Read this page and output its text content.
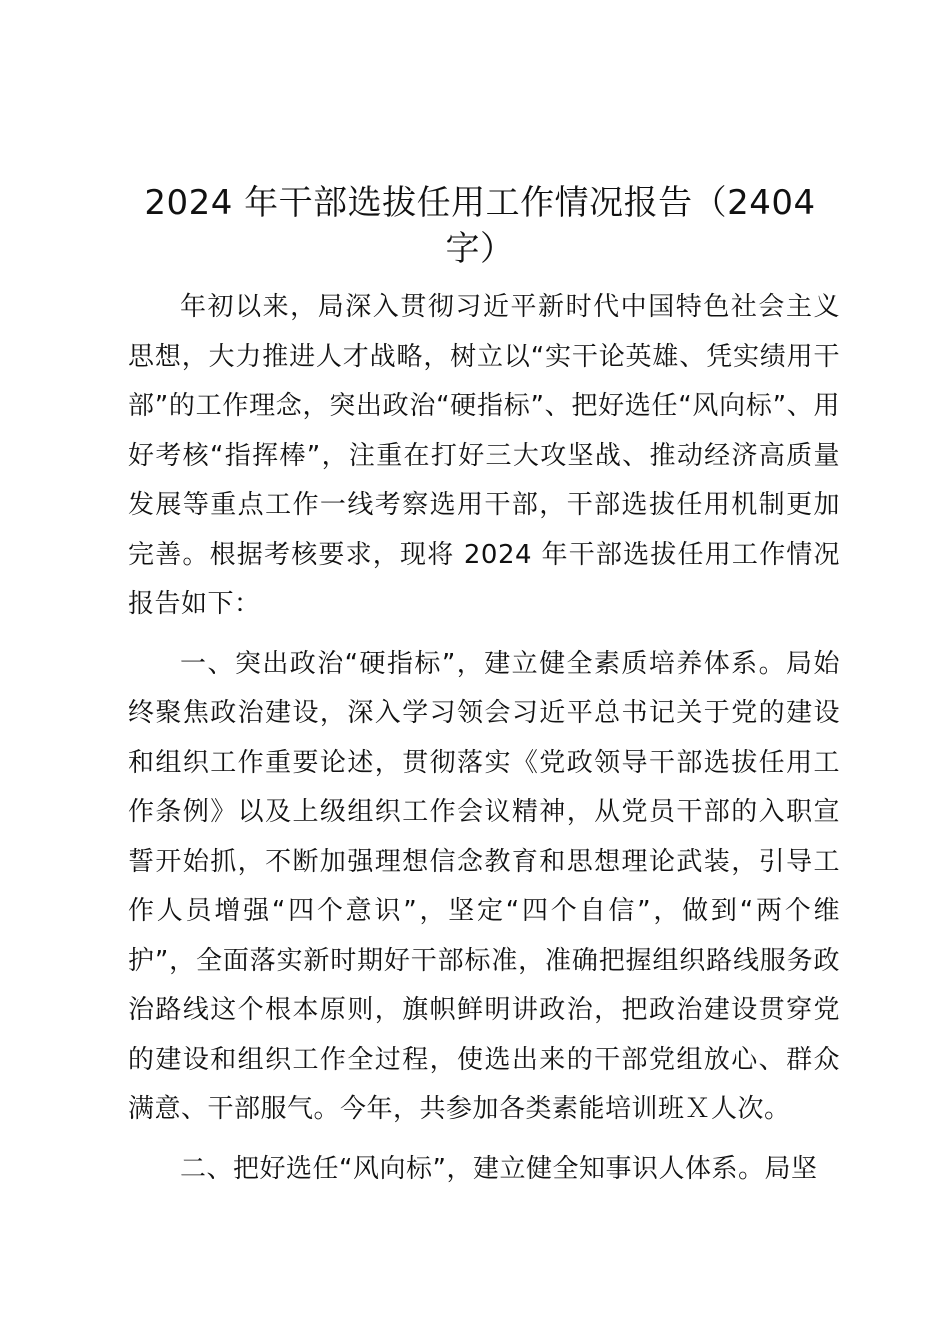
2024 年干部选拔任用工作情况报告（2404 字）

年初以来，局深入贯彻习近平新时代中国特色社会主义思想，大力推进人才战略，树立以“实干论英雄、凭实绩用干部”的工作理念，突出政治“硬指标”、把好选任“风向标”、用好考核“指挥棒”，注重在打好三大攻坚战、推动经济高质量发展等重点工作一线考察选用干部，干部选拔任用机制更加完善。根据考核要求，现将 2024 年干部选拔任用工作情况报告如下：

一、突出政治“硬指标”，建立健全素质培养体系。局始终聚焦政治建设，深入学习领会习近平总书记关于党的建设和组织工作重要论述，贯彻落实《党政领导干部选拔任用工作条例》以及上级组织工作会议精神，从党员干部的入职宣誓开始抓，不断加强理想信念教育和思想理论武装，引导工作人员增强“四个意识”，坚定“四个自信”，做到“两个维护”，全面落实新时期好干部标准，准确把握组织路线服务政治路线这个根本原则，旗帜鲜明讲政治，把政治建设贯穿党的建设和组织工作全过程，使选出来的干部党组放心、群众满意、干部服气。今年，共参加各类素能培训班Ｘ人次。

二、把好选任“风向标”，建立健全知事识人体系。局坚
